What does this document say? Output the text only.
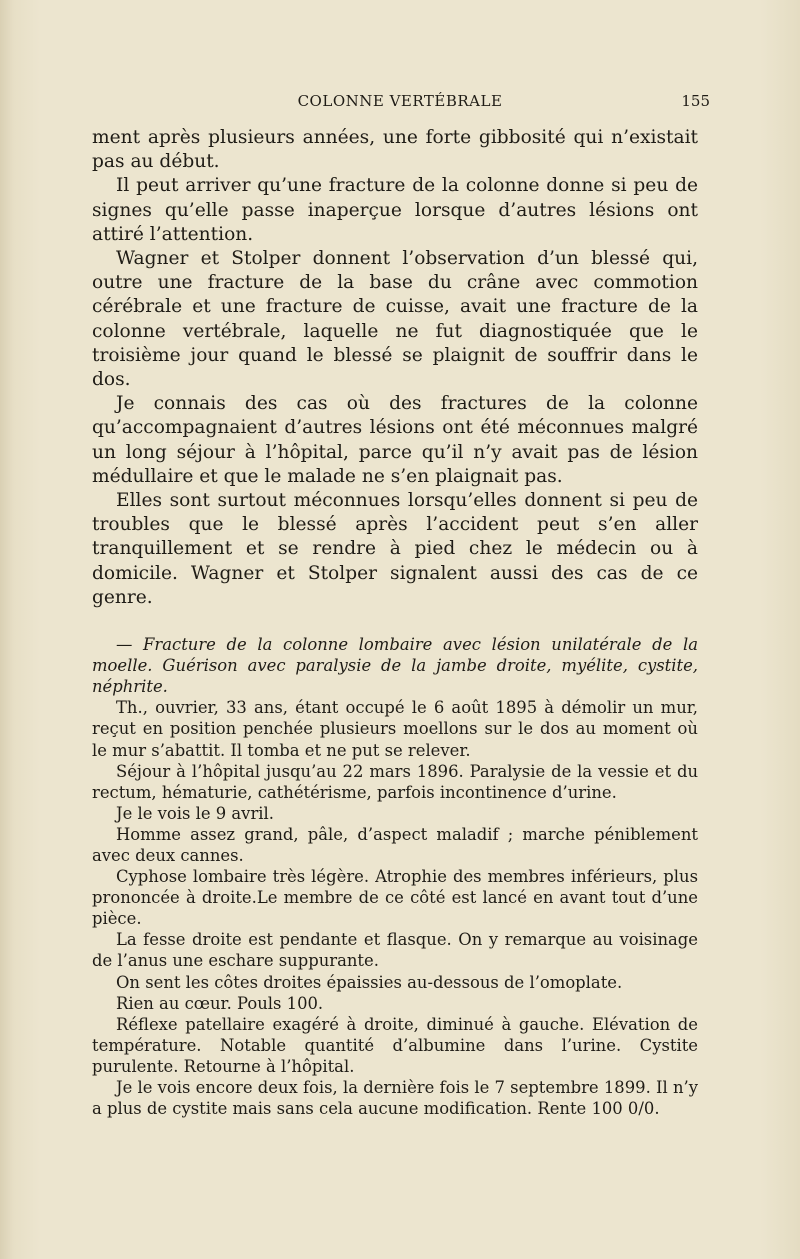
COLONNE VERTÉBRALE	155

ment après plusieurs années, une forte gibbosité qui n’existait pas au début.

Il peut arriver qu’une fracture de la colonne donne si peu de signes qu’elle passe inaperçue lorsque d’autres lésions ont attiré l’attention.

Wagner et Stolper donnent l’observation d’un blessé qui, outre une fracture de la base du crâne avec commotion cérébrale et une fracture de cuisse, avait une fracture de la colonne vertébrale, laquelle ne fut diagnostiquée que le troisième jour quand le blessé se plaignit de souffrir dans le dos.

Je connais des cas où des fractures de la colonne qu’accompagnaient d’autres lésions ont été méconnues malgré un long séjour à l’hôpital, parce qu’il n’y avait pas de lésion médullaire et que le malade ne s’en plaignait pas.

Elles sont surtout méconnues lorsqu’elles donnent si peu de troubles que le blessé après l’accident peut s’en aller tranquillement et se rendre à pied chez le médecin ou à domicile. Wagner et Stolper signalent aussi des cas de ce genre.

— Fracture de la colonne lombaire avec lésion unilatérale de la moelle. Guérison avec paralysie de la jambe droite, myélite, cystite, néphrite.

Th., ouvrier, 33 ans, étant occupé le 6 août 1895 à démolir un mur, reçut en position penchée plusieurs moellons sur le dos au moment où le mur s’abattit. Il tomba et ne put se relever.

Séjour à l’hôpital jusqu’au 22 mars 1896. Paralysie de la vessie et du rectum, hématurie, cathétérisme, parfois incontinence d’urine.

Je le vois le 9 avril.

Homme assez grand, pâle, d’aspect maladif ; marche péniblement avec deux cannes.

Cyphose lombaire très légère. Atrophie des membres inférieurs, plus prononcée à droite.Le membre de ce côté est lancé en avant tout d’une pièce.

La fesse droite est pendante et flasque. On y remarque au voisinage de l’anus une eschare suppurante.

On sent les côtes droites épaissies au-dessous de l’omoplate.

Rien au cœur. Pouls 100.

Réflexe patellaire exagéré à droite, diminué à gauche. Elévation de température. Notable quantité d’albumine dans l’urine. Cystite purulente. Retourne à l’hôpital.

Je le vois encore deux fois, la dernière fois le 7 septembre 1899. Il n’y a plus de cystite mais sans cela aucune modification. Rente 100 0/0.
